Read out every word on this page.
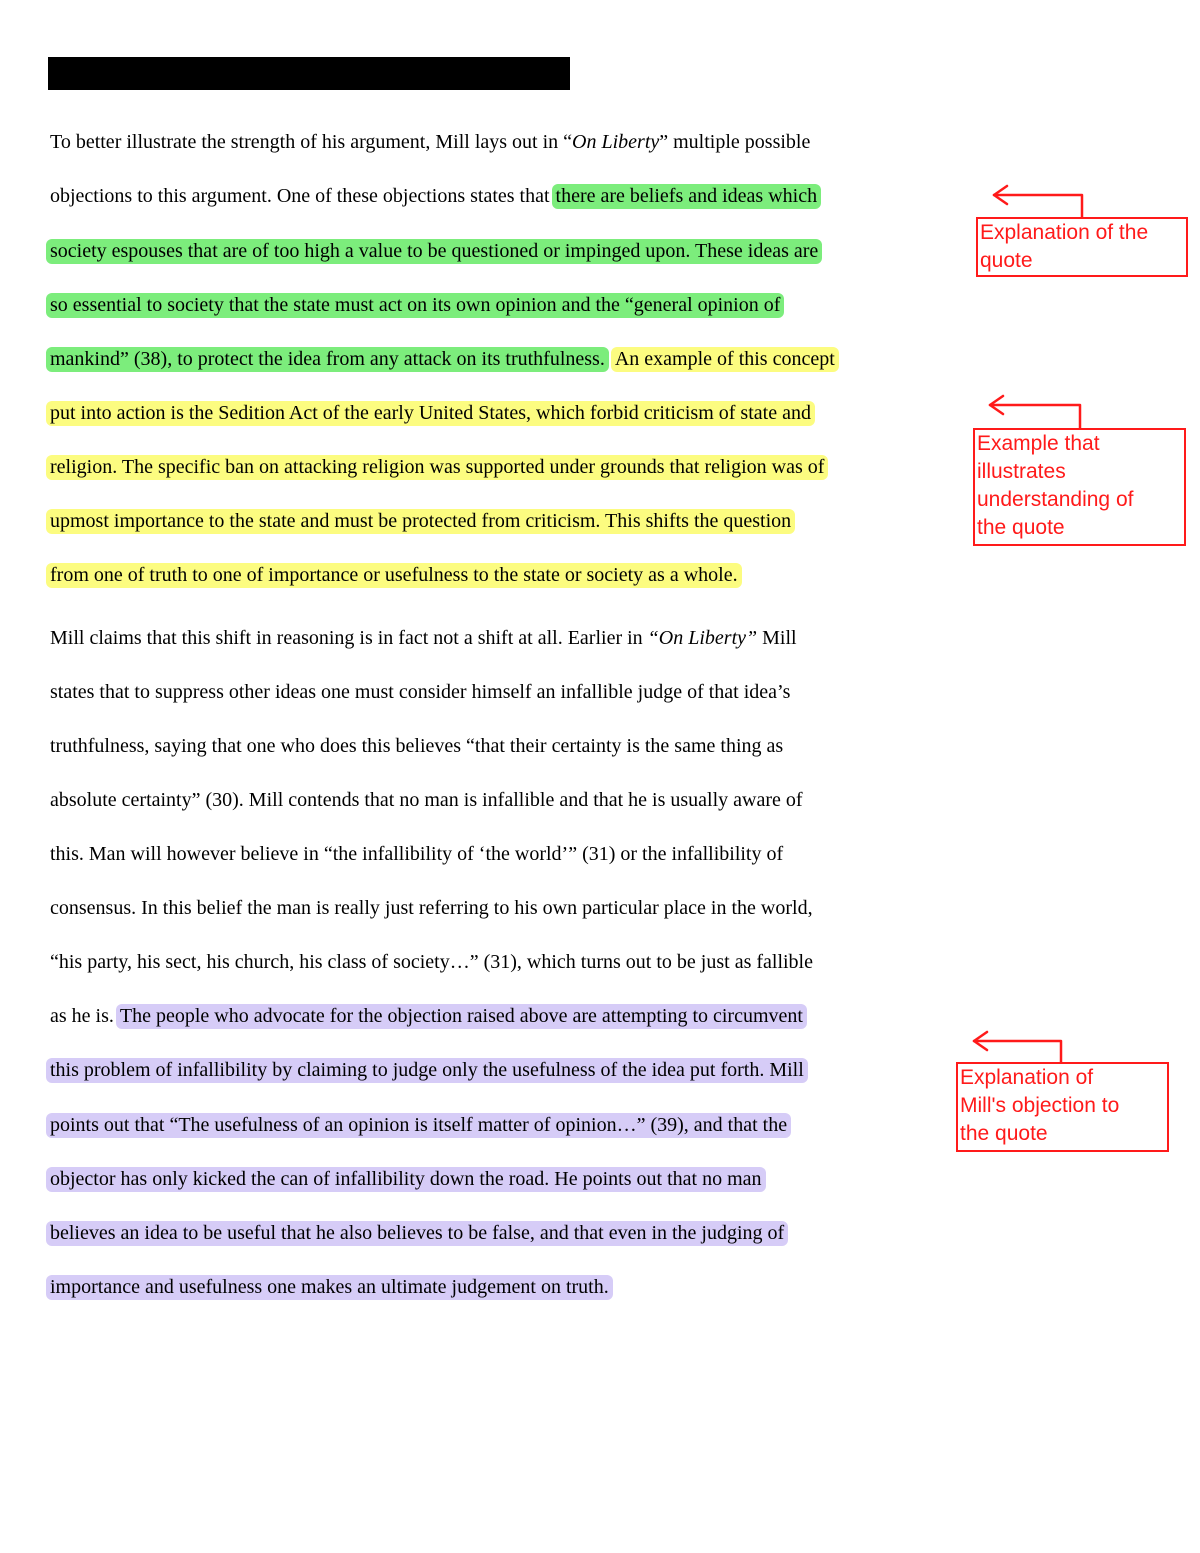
To better illustrate the strength of his argument, Mill lays out in “On Liberty” multiple possible
objections to this argument. One of these objections states that there are beliefs and ideas which
society espouses that are of too high a value to be questioned or impinged upon. These ideas are
so essential to society that the state must act on its own opinion and the “general opinion of
mankind” (38), to protect the idea from any attack on its truthfulness. An example of this concept
put into action is the Sedition Act of the early United States, which forbid criticism of state and
religion. The specific ban on attacking religion was supported under grounds that religion was of
upmost importance to the state and must be protected from criticism. This shifts the question
from one of truth to one of importance or usefulness to the state or society as a whole.
Mill claims that this shift in reasoning is in fact not a shift at all. Earlier in “On Liberty” Mill
states that to suppress other ideas one must consider himself an infallible judge of that idea’s
truthfulness, saying that one who does this believes “that their certainty is the same thing as
absolute certainty” (30). Mill contends that no man is infallible and that he is usually aware of
this. Man will however believe in “the infallibility of ‘the world’” (31) or the infallibility of
consensus. In this belief the man is really just referring to his own particular place in the world,
“his party, his sect, his church, his class of society…” (31), which turns out to be just as fallible
as he is. The people who advocate for the objection raised above are attempting to circumvent
this problem of infallibility by claiming to judge only the usefulness of the idea put forth. Mill
points out that “The usefulness of an opinion is itself matter of opinion…” (39), and that the
objector has only kicked the can of infallibility down the road. He points out that no man
believes an idea to be useful that he also believes to be false, and that even in the judging of
importance and usefulness one makes an ultimate judgement on truth.
Explanation of the
quote
Example that
illustrates
understanding of
the quote
Explanation of
Mill's objection to
the quote
